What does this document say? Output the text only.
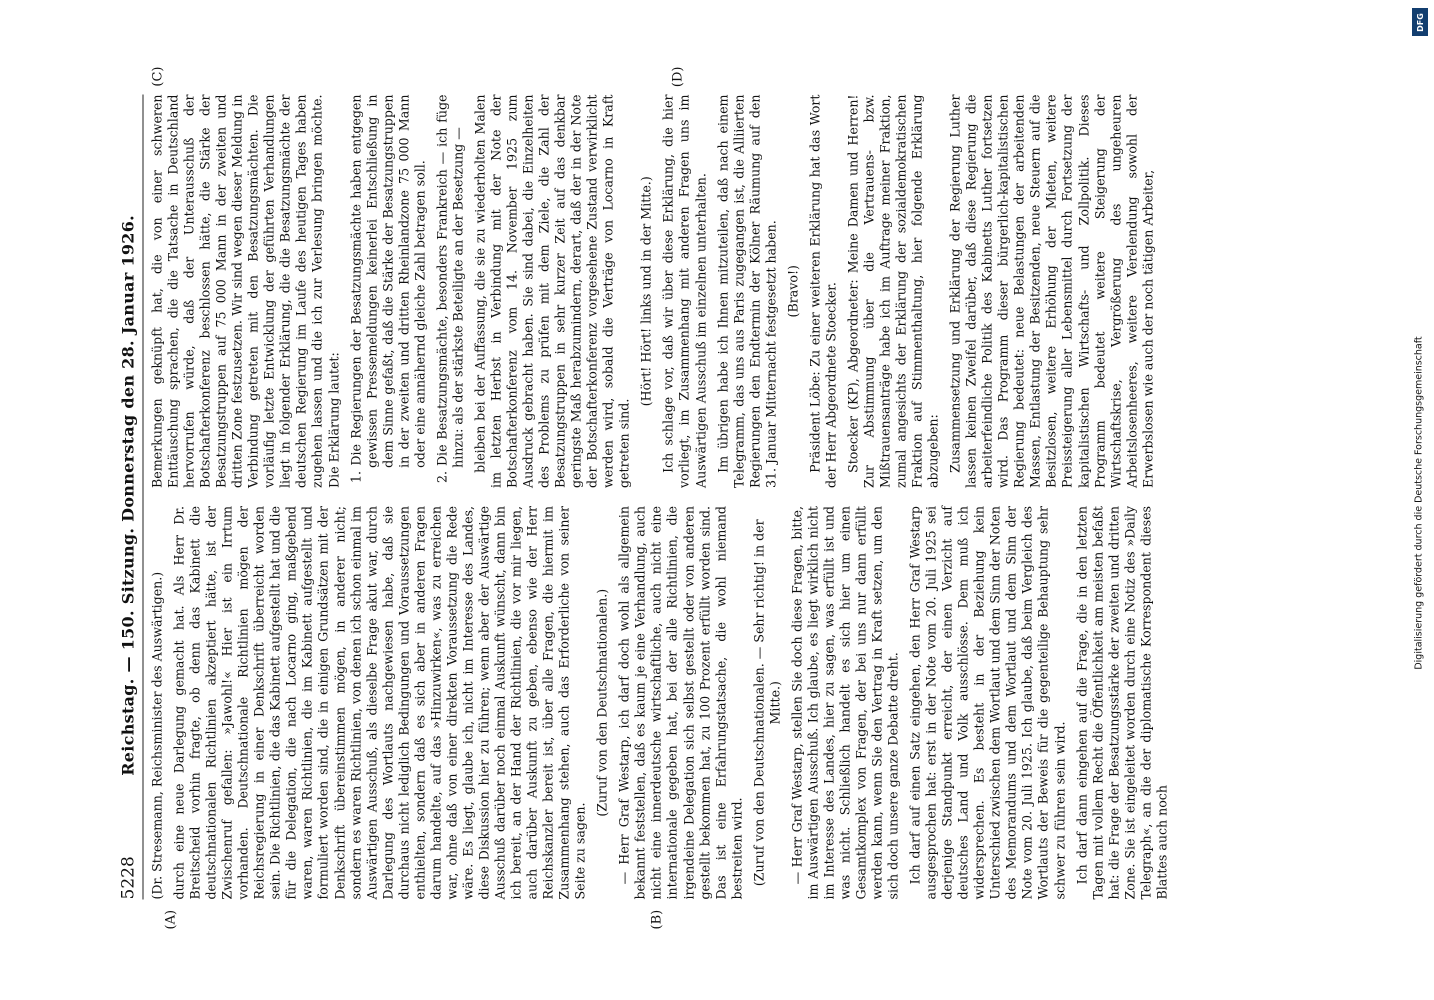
5228
Reichstag. — 150. Sitzung. Donnerstag den 28. Januar 1926.
(A)	(B)

(Dr. Stresemann, Reichsminister des Auswärtigen.) durch eine neue Darlegung gemacht hat. Als Herr Dr. Breitscheid vorhin fragte, ob denn das Kabinett die deutschnationalen Richtlinien akzeptiert hätte, ist der Zwischenruf gefallen: »Jawohl!« Hier ist ein Irrtum vorhanden. Deutschnationale Richtlinien mögen der Reichsregierung in einer Denkschrift überreicht worden sein. Die Richtlinien, die das Kabinett aufgestellt hat und die für die Delegation, die nach Locarno ging, maßgebend waren, waren Richtlinien, die im Kabinett aufgestellt und formuliert worden sind, die in einigen Grundsätzen mit der Denkschrift übereinstimmen mögen, in anderer nicht; sondern es waren Richtlinien, von denen ich schon einmal im Auswärtigen Ausschuß, als dieselbe Frage akut war, durch Darlegung des Wortlauts nachgewiesen habe, daß sie durchaus nicht lediglich Bedingungen und Voraussetzungen enthielten, sondern daß es sich aber in anderen Fragen darum handelte, auf das »Hinzuwirken«, was zu erreichen war, ohne daß von einer direkten Voraussetzung die Rede wäre. Es liegt, glaube ich, nicht im Interesse des Landes, diese Diskussion hier zu führen; wenn aber der Auswärtige Ausschuß darüber noch einmal Auskunft wünscht, dann bin ich bereit, an der Hand der Richtlinien, die vor mir liegen, auch darüber Auskunft zu geben, ebenso wie der Herr Reichskanzler bereit ist, über alle Fragen, die hiermit im Zusammenhang stehen, auch das Erforderliche von seiner Seite zu sagen.

(Zuruf von den Deutschnationalen.) — Herr Graf Westarp, ich darf doch wohl als allgemein bekannt feststellen, daß es kaum je eine Verhandlung, auch nicht eine innerdeutsche wirtschaftliche, auch nicht eine internationale gegeben hat, bei der alle Richtlinien, die irgendeine Delegation sich selbst gestellt oder von anderen gestellt bekommen hat, zu 100 Prozent erfüllt worden sind. Das ist eine Erfahrungstatsache, die wohl niemand bestreiten wird. (Zuruf von den Deutschnationalen. — Sehr richtig! in der Mitte.) — Herr Graf Westarp, stellen Sie doch diese Fragen, bitte, im Auswärtigen Ausschuß. Ich glaube, es liegt wirklich nicht im Interesse des Landes, hier zu sagen, was erfüllt ist und was nicht. Schließlich handelt es sich hier um einen Gesamtkomplex von Fragen, der bei uns nur dann erfüllt werden kann, wenn Sie den Vertrag in Kraft setzen, um den sich doch unsere ganze Debatte dreht. Ich darf auf einen Satz eingehen, den Herr Graf Westarp ausgesprochen hat: erst in der Note vom 20. Juli 1925 sei derjenige Standpunkt erreicht, der einen Verzicht auf deutsches Land und Volk ausschlösse. Dem muß ich widersprechen. Es besteht in der Beziehung kein Unterschied zwischen dem Wortlaut und dem Sinn der Noten des Memorandums und dem Wortlaut und dem Sinn der Note vom 20. Juli 1925. Ich glaube, daß beim Vergleich des Wortlauts der Beweis für die gegenteilige Behauptung sehr schwer zu führen sein wird. Ich darf dann eingehen auf die Frage, die in den letzten Tagen mit vollem Recht die Öffentlichkeit am meisten befaßt hat: die Frage der Besatzungsstärke der zweiten und dritten Zone. Sie ist eingeleitet worden durch eine Notiz des »Daily Telegraph«, an die der diplomatische Korrespondent dieses Blattes auch noch

Bemerkungen geknüpft hat, die von einer schweren Enttäuschung sprachen, die die Tatsache in Deutschland hervorrufen würde, daß der Unterausschuß der Botschafterkonferenz beschlossen hätte, die Stärke der Besatzungstruppen auf 75 000 Mann in der zweiten und dritten Zone festzusetzen. Wir sind wegen dieser Meldung in Verbindung getreten mit den Besatzungsmächten. Die vorläufig letzte Entwicklung der geführten Verhandlungen liegt in folgender Erklärung, die die Besatzungsmächte der deutschen Regierung im Laufe des heutigen Tages haben zugehen lassen und die ich zur Verlesung bringen möchte. Die Erklärung lautet: 1. Die Regierungen der Besatzungsmächte haben entgegen gewissen Pressemeldungen keinerlei Entschließung in dem Sinne gefaßt, daß die Stärke der Besatzungstruppen in der zweiten und dritten Rheinlandzone 75 000 Mann oder eine annähernd gleiche Zahl betragen soll. 2. Die Besatzungsmächte, besonders Frankreich — ich füge hinzu: als der stärkste Beteiligte an der Besetzung — bleiben bei der Auffassung, die sie zu wiederholten Malen im letzten Herbst in Verbindung mit der Note der Botschafterkonferenz vom 14. November 1925 zum Ausdruck gebracht haben. Sie sind dabei, die Einzelheiten des Problems zu prüfen mit dem Ziele, die Zahl der Besatzungstruppen in sehr kurzer Zeit auf das denkbar geringste Maß herabzumindern, derart, daß der in der Note der Botschafterkonferenz vorgesehene Zustand verwirklicht werden wird, sobald die Verträge von Locarno in Kraft getreten sind.

(Hört! Hört! links und in der Mitte.) Ich schlage vor, daß wir über diese Erklärung, die hier vorliegt, im Zusammenhang mit anderen Fragen uns im Auswärtigen Ausschuß im einzelnen unterhalten. Im übrigen habe ich Ihnen mitzuteilen, daß nach einem Telegramm, das uns aus Paris zugegangen ist, die Alliierten Regierungen den Endtermin der Kölner Räumung auf den 31. Januar Mitternacht festgesetzt haben. (Bravo!) Präsident Löbe: Zu einer weiteren Erklärung hat das Wort der Herr Abgeordnete Stoecker. Stoecker (KP), Abgeordneter: Meine Damen und Herren! Zur Abstimmung über die Vertrauens- bzw. Mißtrauensanträge habe ich im Auftrage meiner Fraktion, zumal angesichts der Erklärung der sozialdemokratischen Fraktion auf Stimmenthaltung, hier folgende Erklärung abzugeben: Zusammensetzung und Erklärung der Regierung Luther lassen keinen Zweifel darüber, daß diese Regierung die arbeiterfeindliche Politik des Kabinetts Luther fortsetzen wird. Das Programm dieser bürgerlich-kapitalistischen Regierung bedeutet: neue Belastungen der arbeitenden Massen, Entlastung der Besitzenden, neue Steuern auf die Besitzlosen, weitere Erhöhung der Mieten, weitere Preissteigerung aller Lebensmittel durch Fortsetzung der kapitalistischen Wirtschafts- und Zollpolitik. Dieses Programm bedeutet weitere Steigerung der Wirtschaftskrise, Vergrößerung des ungeheuren Arbeitslosenheeres, weitere Verelendung sowohl der Erwerbslosen wie auch der noch tätigen Arbeiter,

(C)	(D)
Digitalisierung gefördert durch die Deutsche Forschungsgemeinschaft
DFG
